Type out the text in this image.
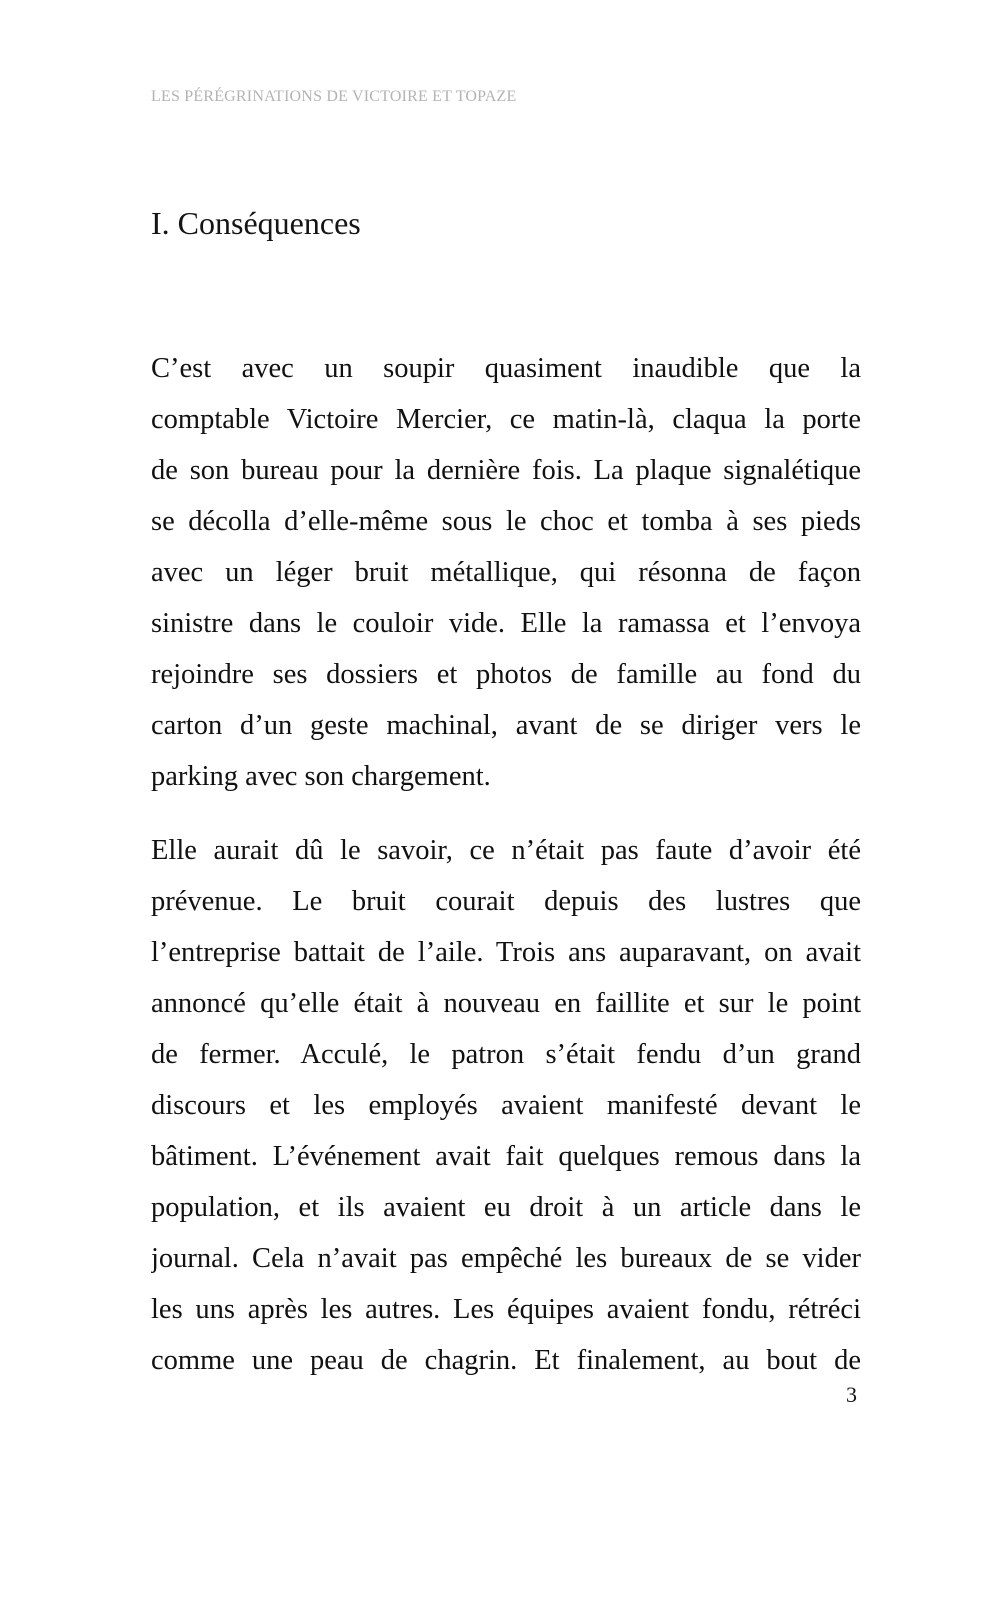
LES PÉRÉGRINATIONS DE VICTOIRE ET TOPAZE
I. Conséquences

C’est avec un soupir quasiment inaudible que la
comptable Victoire Mercier, ce matin-là, claqua la porte
de son bureau pour la dernière fois. La plaque signalétique
se décolla d’elle-même sous le choc et tomba à ses pieds
avec un léger bruit métallique, qui résonna de façon
sinistre dans le couloir vide. Elle la ramassa et l’envoya
rejoindre ses dossiers et photos de famille au fond du
carton d’un geste machinal, avant de se diriger vers le
parking avec son chargement.

Elle aurait dû le savoir, ce n’était pas faute d’avoir été
prévenue. Le bruit courait depuis des lustres que
l’entreprise battait de l’aile. Trois ans auparavant, on avait
annoncé qu’elle était à nouveau en faillite et sur le point
de fermer. Acculé, le patron s’était fendu d’un grand
discours et les employés avaient manifesté devant le
bâtiment. L’événement avait fait quelques remous dans la
population, et ils avaient eu droit à un article dans le
journal. Cela n’avait pas empêché les bureaux de se vider
les uns après les autres. Les équipes avaient fondu, rétréci
comme une peau de chagrin. Et finalement, au bout de

3
